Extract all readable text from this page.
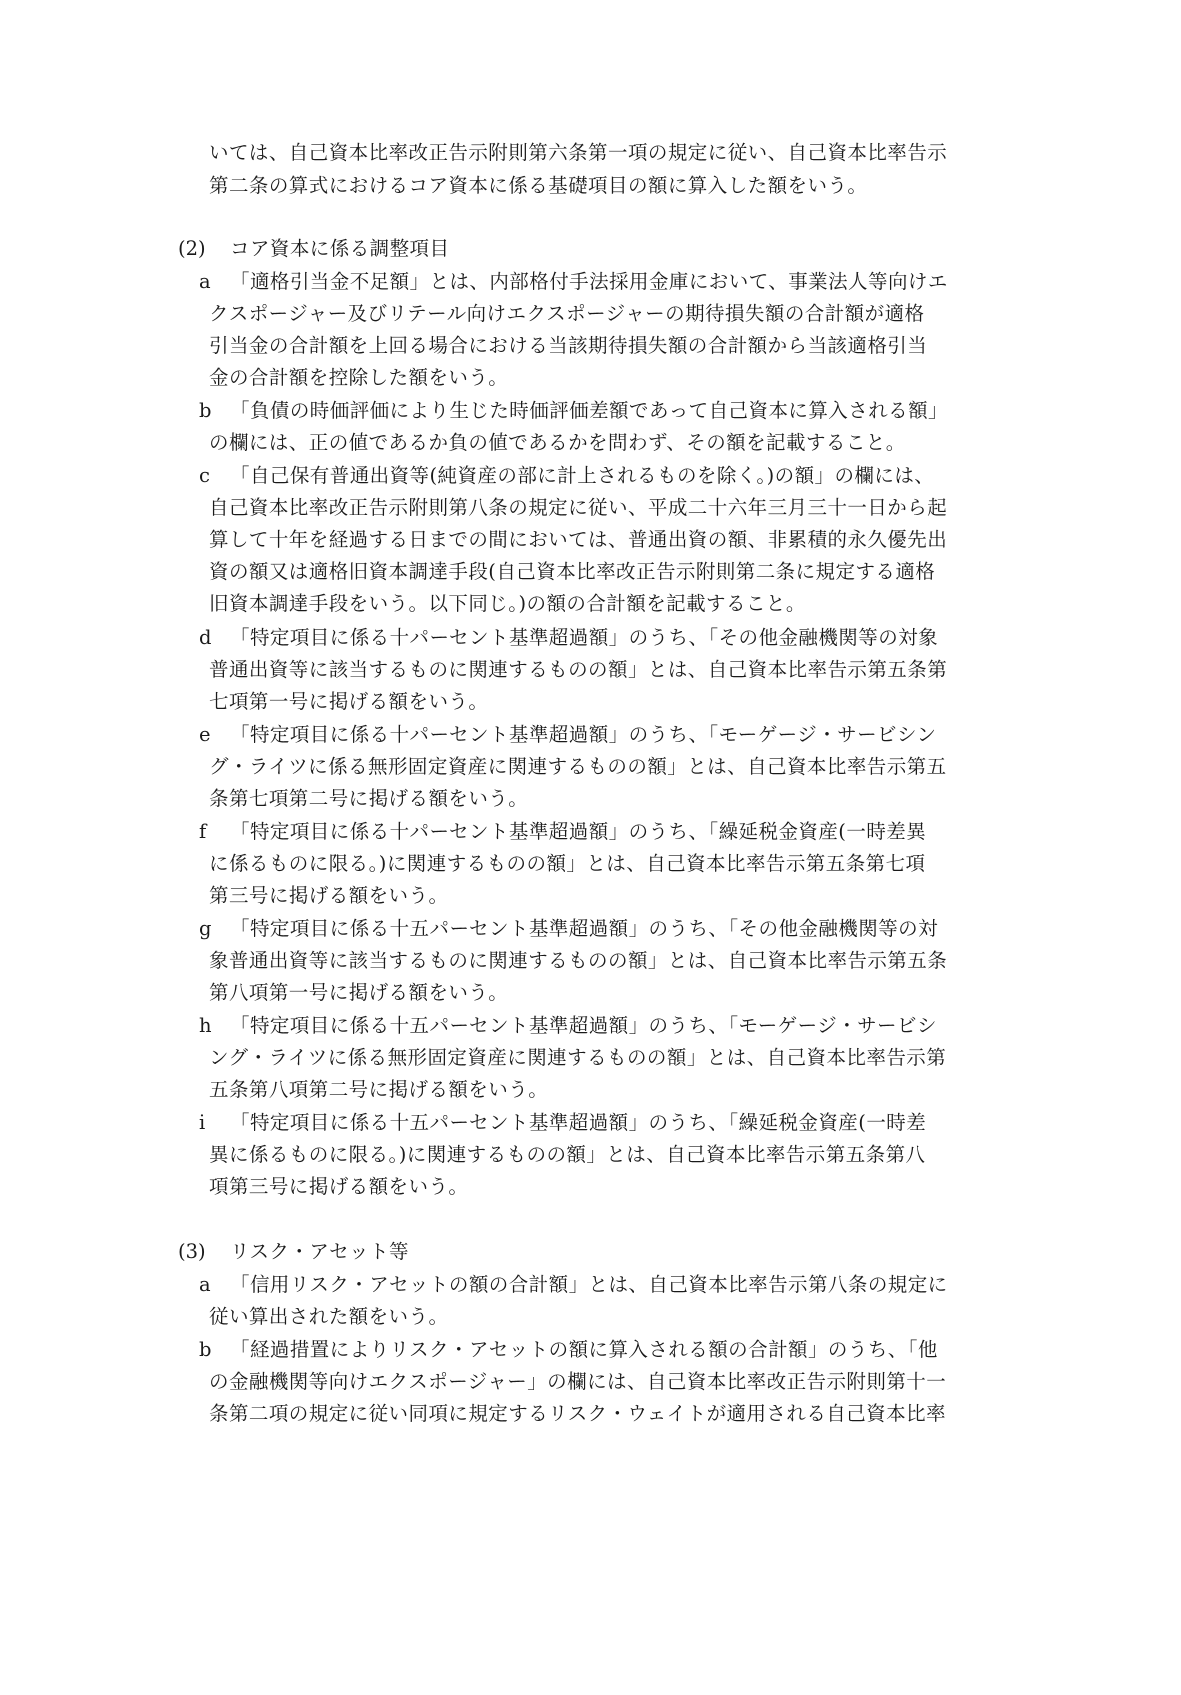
いては、自己資本比率改正告示附則第六条第一項の規定に従い、自己資本比率告示
第二条の算式におけるコア資本に係る基礎項目の額に算入した額をいう。
(2) コア資本に係る調整項目
a 「適格引当金不足額」とは、内部格付手法採用金庫において、事業法人等向けエ
クスポージャー及びリテール向けエクスポージャーの期待損失額の合計額が適格
引当金の合計額を上回る場合における当該期待損失額の合計額から当該適格引当
金の合計額を控除した額をいう。
b 「負債の時価評価により生じた時価評価差額であって自己資本に算入される額」
の欄には、正の値であるか負の値であるかを問わず、その額を記載すること。
c 「自己保有普通出資等(純資産の部に計上されるものを除く。)の額」の欄には、
自己資本比率改正告示附則第八条の規定に従い、平成二十六年三月三十一日から起
算して十年を経過する日までの間においては、普通出資の額、非累積的永久優先出
資の額又は適格旧資本調達手段(自己資本比率改正告示附則第二条に規定する適格
旧資本調達手段をいう。以下同じ。)の額の合計額を記載すること。
d 「特定項目に係る十パーセント基準超過額」のうち、「その他金融機関等の対象
普通出資等に該当するものに関連するものの額」とは、自己資本比率告示第五条第
七項第一号に掲げる額をいう。
e 「特定項目に係る十パーセント基準超過額」のうち、「モーゲージ・サービシン
グ・ライツに係る無形固定資産に関連するものの額」とは、自己資本比率告示第五
条第七項第二号に掲げる額をいう。
f 「特定項目に係る十パーセント基準超過額」のうち、「繰延税金資産(一時差異
に係るものに限る。)に関連するものの額」とは、自己資本比率告示第五条第七項
第三号に掲げる額をいう。
g 「特定項目に係る十五パーセント基準超過額」のうち、「その他金融機関等の対
象普通出資等に該当するものに関連するものの額」とは、自己資本比率告示第五条
第八項第一号に掲げる額をいう。
h 「特定項目に係る十五パーセント基準超過額」のうち、「モーゲージ・サービシ
ング・ライツに係る無形固定資産に関連するものの額」とは、自己資本比率告示第
五条第八項第二号に掲げる額をいう。
i 「特定項目に係る十五パーセント基準超過額」のうち、「繰延税金資産(一時差
異に係るものに限る。)に関連するものの額」とは、自己資本比率告示第五条第八
項第三号に掲げる額をいう。
(3) リスク・アセット等
a 「信用リスク・アセットの額の合計額」とは、自己資本比率告示第八条の規定に
従い算出された額をいう。
b 「経過措置によりリスク・アセットの額に算入される額の合計額」のうち、「他
の金融機関等向けエクスポージャー」の欄には、自己資本比率改正告示附則第十一
条第二項の規定に従い同項に規定するリスク・ウェイトが適用される自己資本比率
